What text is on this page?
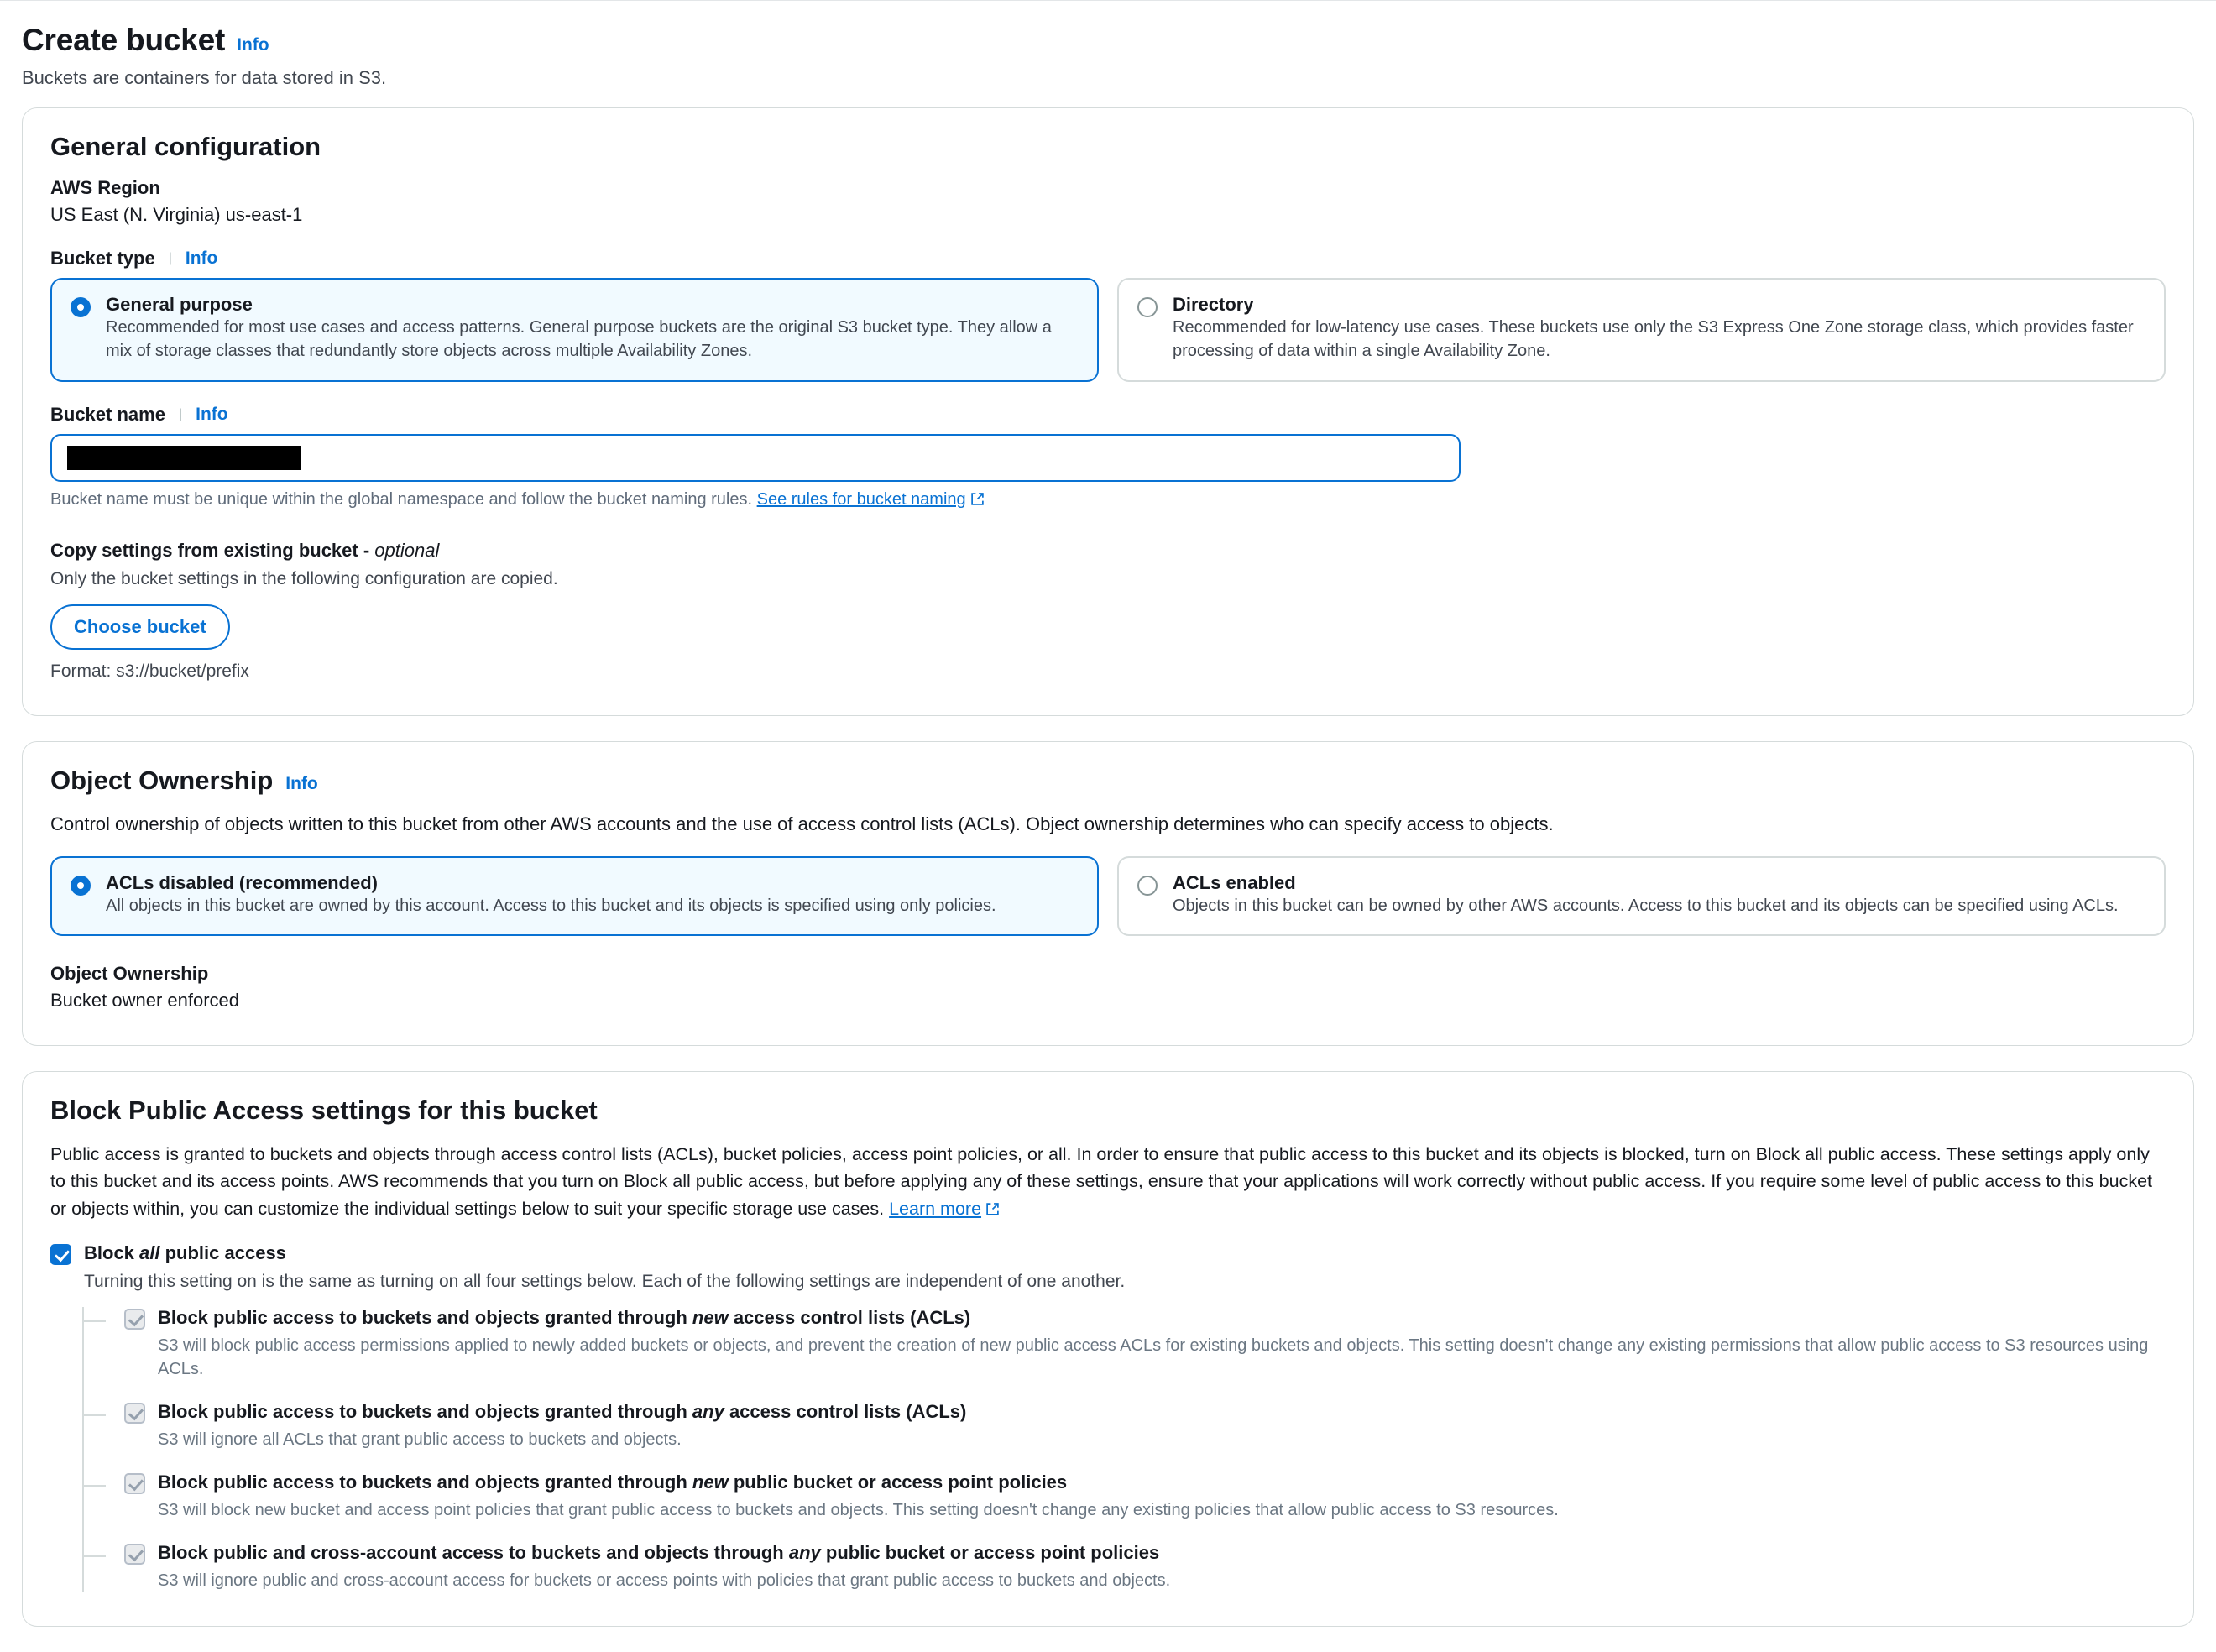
Create bucket Info
Buckets are containers for data stored in S3.
General configuration
AWS Region
US East (N. Virginia) us-east-1
Bucket type | Info
General purpose
Recommended for most use cases and access patterns. General purpose buckets are the original S3 bucket type. They allow a mix of storage classes that redundantly store objects across multiple Availability Zones.
Directory
Recommended for low-latency use cases. These buckets use only the S3 Express One Zone storage class, which provides faster processing of data within a single Availability Zone.
Bucket name | Info
Bucket name must be unique within the global namespace and follow the bucket naming rules. See rules for bucket naming
Copy settings from existing bucket - optional
Only the bucket settings in the following configuration are copied.
Choose bucket
Format: s3://bucket/prefix
Object Ownership Info
Control ownership of objects written to this bucket from other AWS accounts and the use of access control lists (ACLs). Object ownership determines who can specify access to objects.
ACLs disabled (recommended)
All objects in this bucket are owned by this account. Access to this bucket and its objects is specified using only policies.
ACLs enabled
Objects in this bucket can be owned by other AWS accounts. Access to this bucket and its objects can be specified using ACLs.
Object Ownership
Bucket owner enforced
Block Public Access settings for this bucket
Public access is granted to buckets and objects through access control lists (ACLs), bucket policies, access point policies, or all. In order to ensure that public access to this bucket and its objects is blocked, turn on Block all public access. These settings apply only to this bucket and its access points. AWS recommends that you turn on Block all public access, but before applying any of these settings, ensure that your applications will work correctly without public access. If you require some level of public access to this bucket or objects within, you can customize the individual settings below to suit your specific storage use cases. Learn more
Block all public access
Turning this setting on is the same as turning on all four settings below. Each of the following settings are independent of one another.
Block public access to buckets and objects granted through new access control lists (ACLs)
S3 will block public access permissions applied to newly added buckets or objects, and prevent the creation of new public access ACLs for existing buckets and objects. This setting doesn't change any existing permissions that allow public access to S3 resources using ACLs.
Block public access to buckets and objects granted through any access control lists (ACLs)
S3 will ignore all ACLs that grant public access to buckets and objects.
Block public access to buckets and objects granted through new public bucket or access point policies
S3 will block new bucket and access point policies that grant public access to buckets and objects. This setting doesn't change any existing policies that allow public access to S3 resources.
Block public and cross-account access to buckets and objects through any public bucket or access point policies
S3 will ignore public and cross-account access for buckets or access points with policies that grant public access to buckets and objects.
